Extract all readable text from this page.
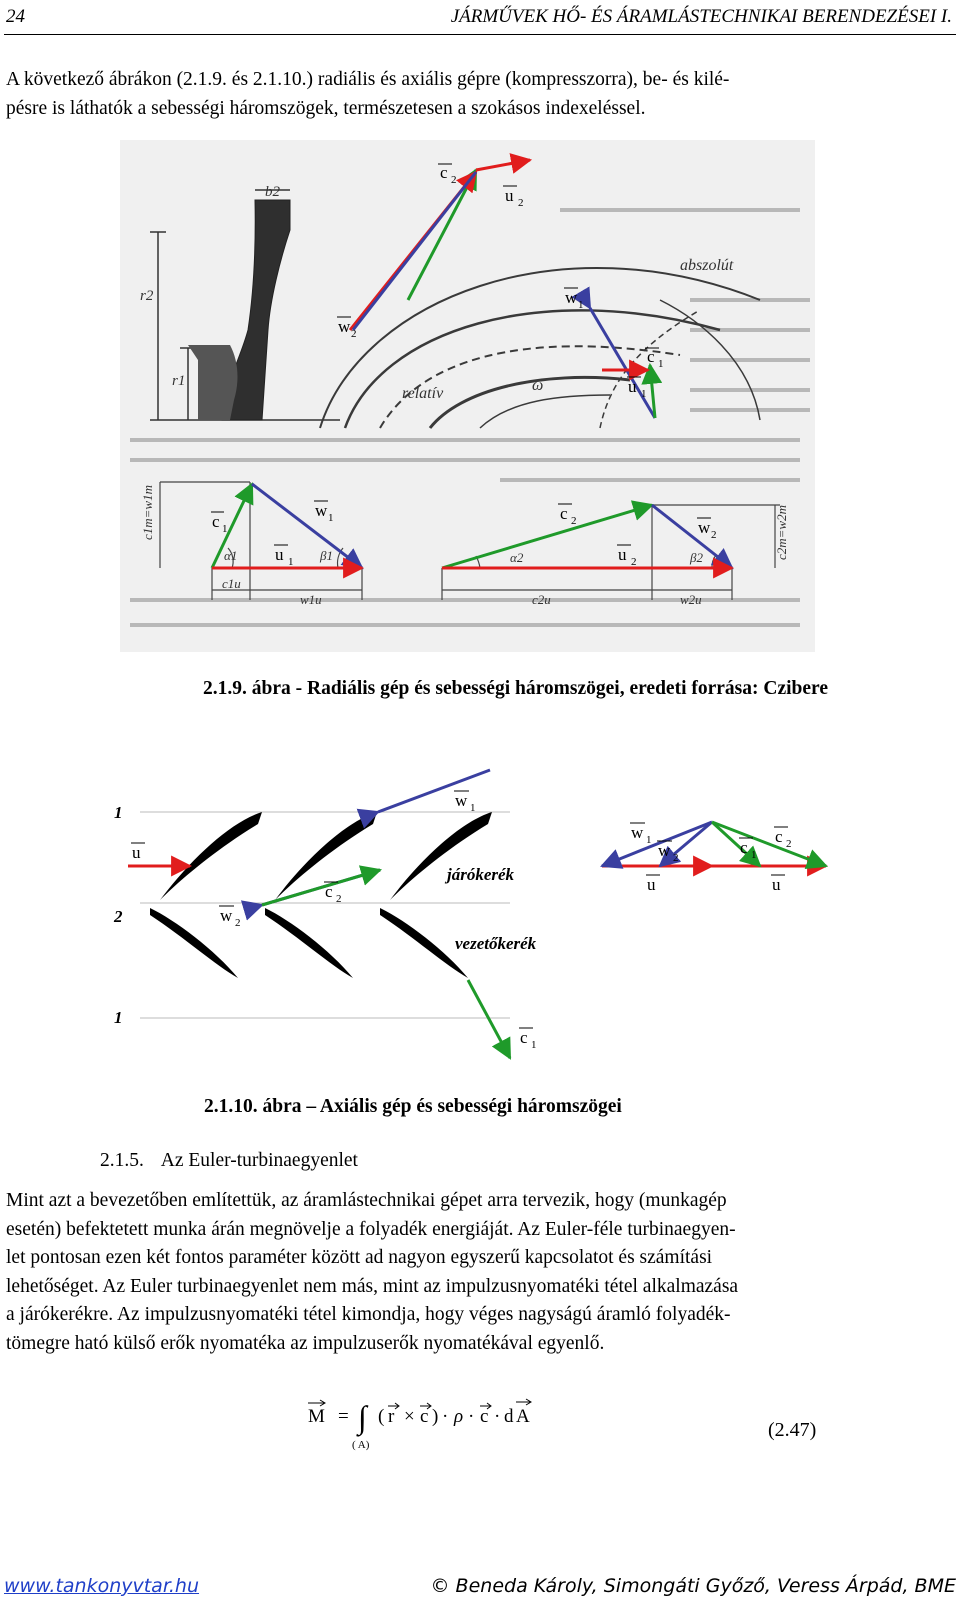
24	JÁRMŰVEK HŐ- ÉS ÁRAMLÁSTECHNIKAI BERENDEZÉSEI I.
A következő ábrákon (2.1.9. és 2.1.10.) radiális és axiális gépre (kompresszorra), be- és kilé-
pésre is láthatók a sebességi háromszögek, természetesen a szokásos indexeléssel.
b2
r2
r1
abszolút
relatív	ω
c 2
u 2
w 2
w 1
c 1
u 1
c1m=w1m	c2m=w2m
α1	β1	α2	β2
c1u
w1u	c2u	w2u
c 1
w 1
u 1
c 2
u 2
w 2
2.1.9. ábra - Radiális gép és sebességi háromszögei, eredeti forrása: Czibere
1
2
1
járókerék
vezetőkerék
u
w 1
c 2
w 2
c 1
w 1
w 2
c 1
c 2
u	u
2.1.10. ábra – Axiális gép és sebességi háromszögei
2.1.5. Az Euler-turbinaegyenlet
Mint azt a bevezetőben említettük, az áramlástechnikai gépet arra tervezik, hogy (munkagép
esetén) befektetett munka árán megnövelje a folyadék energiáját. Az Euler-féle turbinaegyen-
let pontosan ezen két fontos paraméter között ad nagyon egyszerű kapcsolatot és számítási
lehetőséget. Az Euler turbinaegyenlet nem más, mint az impulzusnyomatéki tétel alkalmazása
a járókerékre. Az impulzusnyomatéki tétel kimondja, hogy véges nagyságú áramló folyadék-
tömegre ható külső erők nyomatéka az impulzuserők nyomatékával egyenlő.
M = ∫ ( r × c ) · ρ · c · d A
( A)
(2.47)
www.tankonyvtar.hu	© Beneda Károly, Simongáti Győző, Veress Árpád, BME
